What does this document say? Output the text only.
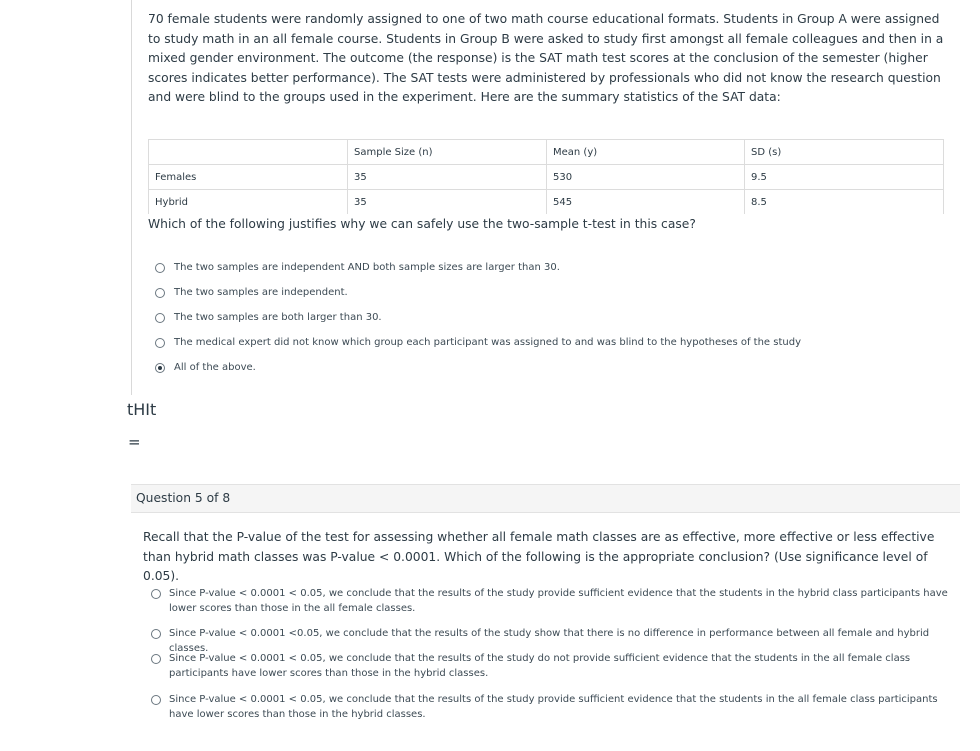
70 female students were randomly assigned to one of two math course educational formats. Students in Group A were assigned to study math in an all female course. Students in Group B were asked to study first amongst all female colleagues and then in a mixed gender environment. The outcome (the response) is the SAT math test scores at the conclusion of the semester (higher scores indicates better performance). The SAT tests were administered by professionals who did not know the research question and were blind to the groups used in the experiment. Here are the summary statistics of the SAT data:
	Sample Size (n)	Mean (y)	SD (s)
Females	35	530	9.5
Hybrid	35	545	8.5
Which of the following justifies why we can safely use the two-sample t-test in this case?
The two samples are independent AND both sample sizes are larger than 30.
The two samples are independent.
The two samples are both larger than 30.
The medical expert did not know which group each participant was assigned to and was blind to the hypotheses of the study
All of the above.
tHIt
=
Question 5 of 8
Recall that the P-value of the test for assessing whether all female math classes are as effective, more effective or less effective than hybrid math classes was P-value < 0.0001. Which of the following is the appropriate conclusion? (Use significance level of 0.05).
Since P-value < 0.0001 < 0.05, we conclude that the results of the study provide sufficient evidence that the students in the hybrid class participants have lower scores than those in the all female classes.
Since P-value < 0.0001 <0.05, we conclude that the results of the study show that there is no difference in performance between all female and hybrid classes.
Since P-value < 0.0001 < 0.05, we conclude that the results of the study do not provide sufficient evidence that the students in the all female class participants have lower scores than those in the hybrid classes.
Since P-value < 0.0001 < 0.05, we conclude that the results of the study provide sufficient evidence that the students in the all female class participants have lower scores than those in the hybrid classes.
